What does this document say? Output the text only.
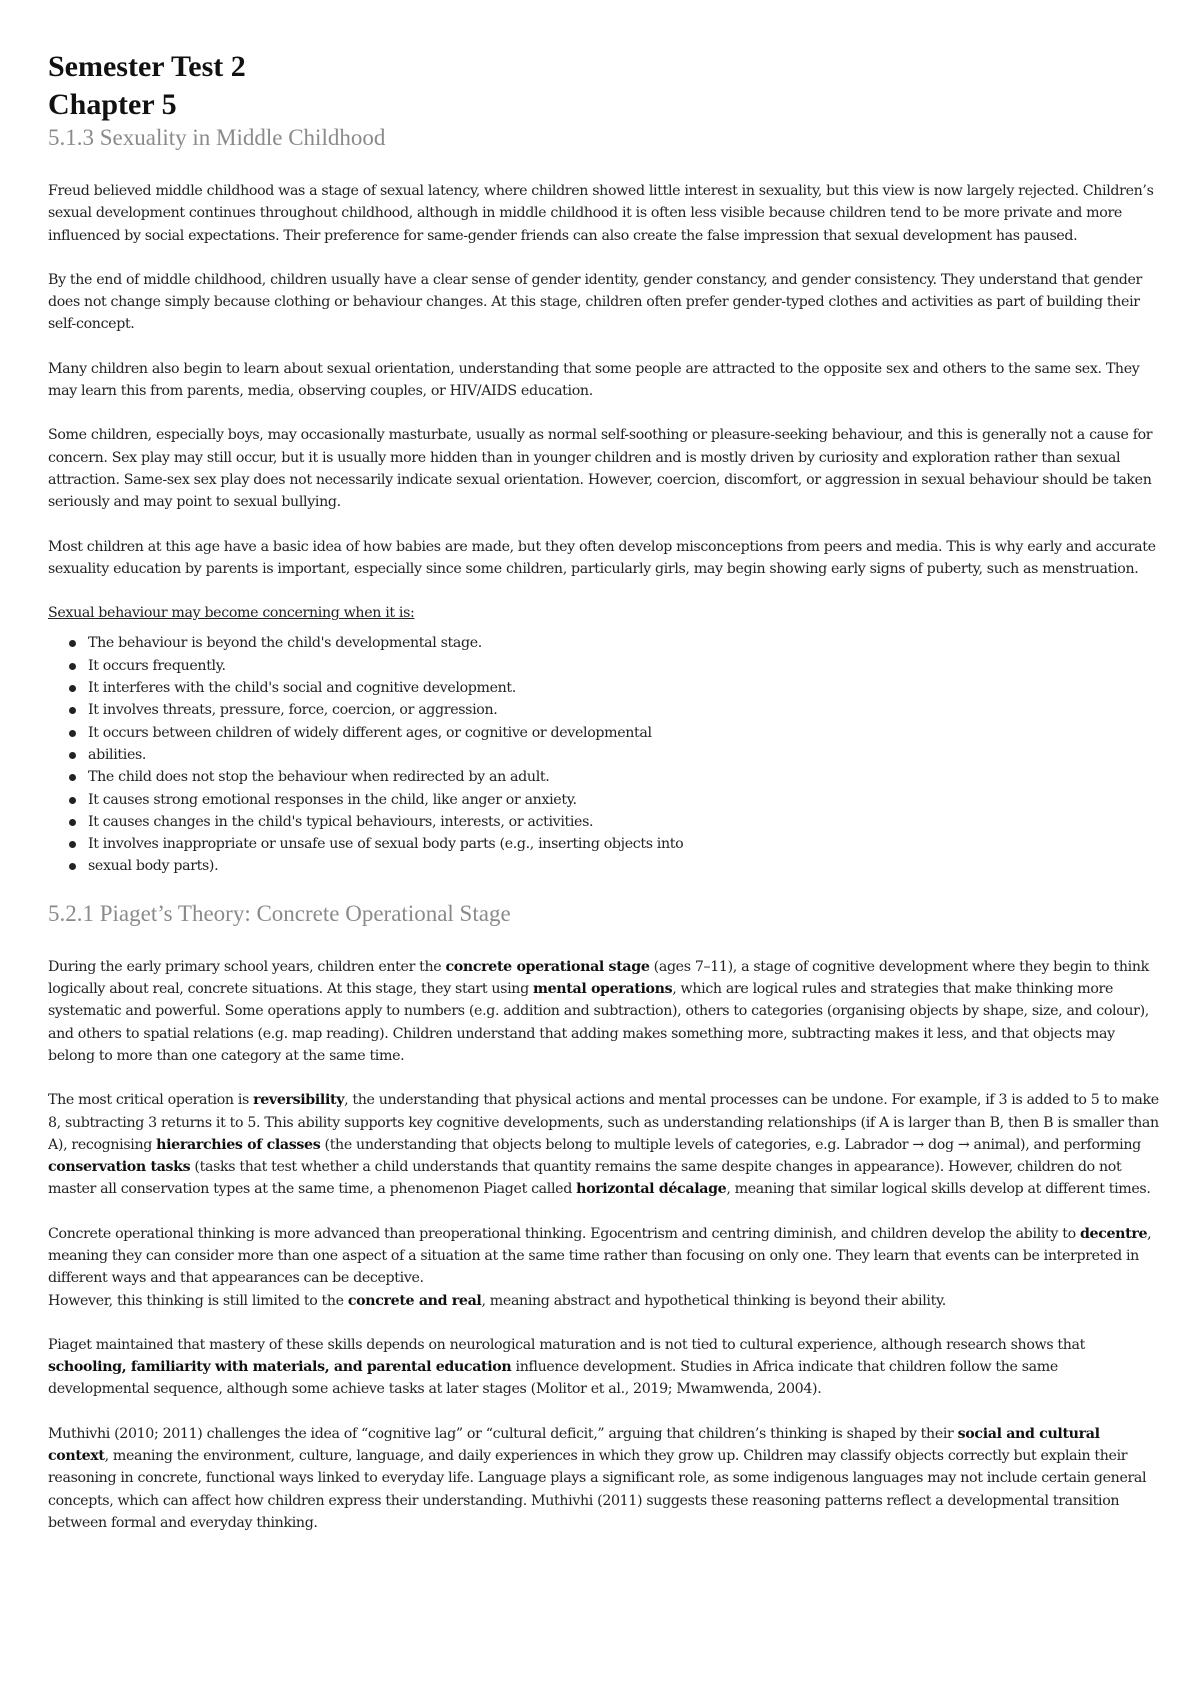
Semester Test 2
Chapter 5
5.1.3 Sexuality in Middle Childhood

Freud believed middle childhood was a stage of sexual latency, where children showed little interest in sexuality, but this view is now largely rejected. Children’s sexual development continues throughout childhood, although in middle childhood it is often less visible because children tend to be more private and more influenced by social expectations. Their preference for same-gender friends can also create the false impression that sexual development has paused.

By the end of middle childhood, children usually have a clear sense of gender identity, gender constancy, and gender consistency. They understand that gender does not change simply because clothing or behaviour changes. At this stage, children often prefer gender-typed clothes and activities as part of building their self-concept.

Many children also begin to learn about sexual orientation, understanding that some people are attracted to the opposite sex and others to the same sex. They may learn this from parents, media, observing couples, or HIV/AIDS education.

Some children, especially boys, may occasionally masturbate, usually as normal self-soothing or pleasure-seeking behaviour, and this is generally not a cause for concern. Sex play may still occur, but it is usually more hidden than in younger children and is mostly driven by curiosity and exploration rather than sexual attraction. Same-sex sex play does not necessarily indicate sexual orientation. However, coercion, discomfort, or aggression in sexual behaviour should be taken seriously and may point to sexual bullying.

Most children at this age have a basic idea of how babies are made, but they often develop misconceptions from peers and media. This is why early and accurate sexuality education by parents is important, especially since some children, particularly girls, may begin showing early signs of puberty, such as menstruation.

Sexual behaviour may become concerning when it is:

The behaviour is beyond the child's developmental stage.
It occurs frequently.
It interferes with the child's social and cognitive development.
It involves threats, pressure, force, coercion, or aggression.
It occurs between children of widely different ages, or cognitive or developmental
abilities.
The child does not stop the behaviour when redirected by an adult.
It causes strong emotional responses in the child, like anger or anxiety.
It causes changes in the child's typical behaviours, interests, or activities.
It involves inappropriate or unsafe use of sexual body parts (e.g., inserting objects into
sexual body parts).
5.2.1 Piaget’s Theory: Concrete Operational Stage

During the early primary school years, children enter the concrete operational stage (ages 7–11), a stage of cognitive development where they begin to think logically about real, concrete situations. At this stage, they start using mental operations, which are logical rules and strategies that make thinking more systematic and powerful. Some operations apply to numbers (e.g. addition and subtraction), others to categories (organising objects by shape, size, and colour), and others to spatial relations (e.g. map reading). Children understand that adding makes something more, subtracting makes it less, and that objects may belong to more than one category at the same time.

The most critical operation is reversibility, the understanding that physical actions and mental processes can be undone. For example, if 3 is added to 5 to make 8, subtracting 3 returns it to 5. This ability supports key cognitive developments, such as understanding relationships (if A is larger than B, then B is smaller than A), recognising hierarchies of classes (the understanding that objects belong to multiple levels of categories, e.g. Labrador → dog → animal), and performing conservation tasks (tasks that test whether a child understands that quantity remains the same despite changes in appearance). However, children do not master all conservation types at the same time, a phenomenon Piaget called horizontal décalage, meaning that similar logical skills develop at different times.

Concrete operational thinking is more advanced than preoperational thinking. Egocentrism and centring diminish, and children develop the ability to decentre, meaning they can consider more than one aspect of a situation at the same time rather than focusing on only one. They learn that events can be interpreted in different ways and that appearances can be deceptive.
However, this thinking is still limited to the concrete and real, meaning abstract and hypothetical thinking is beyond their ability.

Piaget maintained that mastery of these skills depends on neurological maturation and is not tied to cultural experience, although research shows that schooling, familiarity with materials, and parental education influence development. Studies in Africa indicate that children follow the same developmental sequence, although some achieve tasks at later stages (Molitor et al., 2019; Mwamwenda, 2004).

Muthivhi (2010; 2011) challenges the idea of “cognitive lag” or “cultural deficit,” arguing that children’s thinking is shaped by their social and cultural context, meaning the environment, culture, language, and daily experiences in which they grow up. Children may classify objects correctly but explain their reasoning in concrete, functional ways linked to everyday life. Language plays a significant role, as some indigenous languages may not include certain general concepts, which can affect how children express their understanding. Muthivhi (2011) suggests these reasoning patterns reflect a developmental transition between formal and everyday thinking.
